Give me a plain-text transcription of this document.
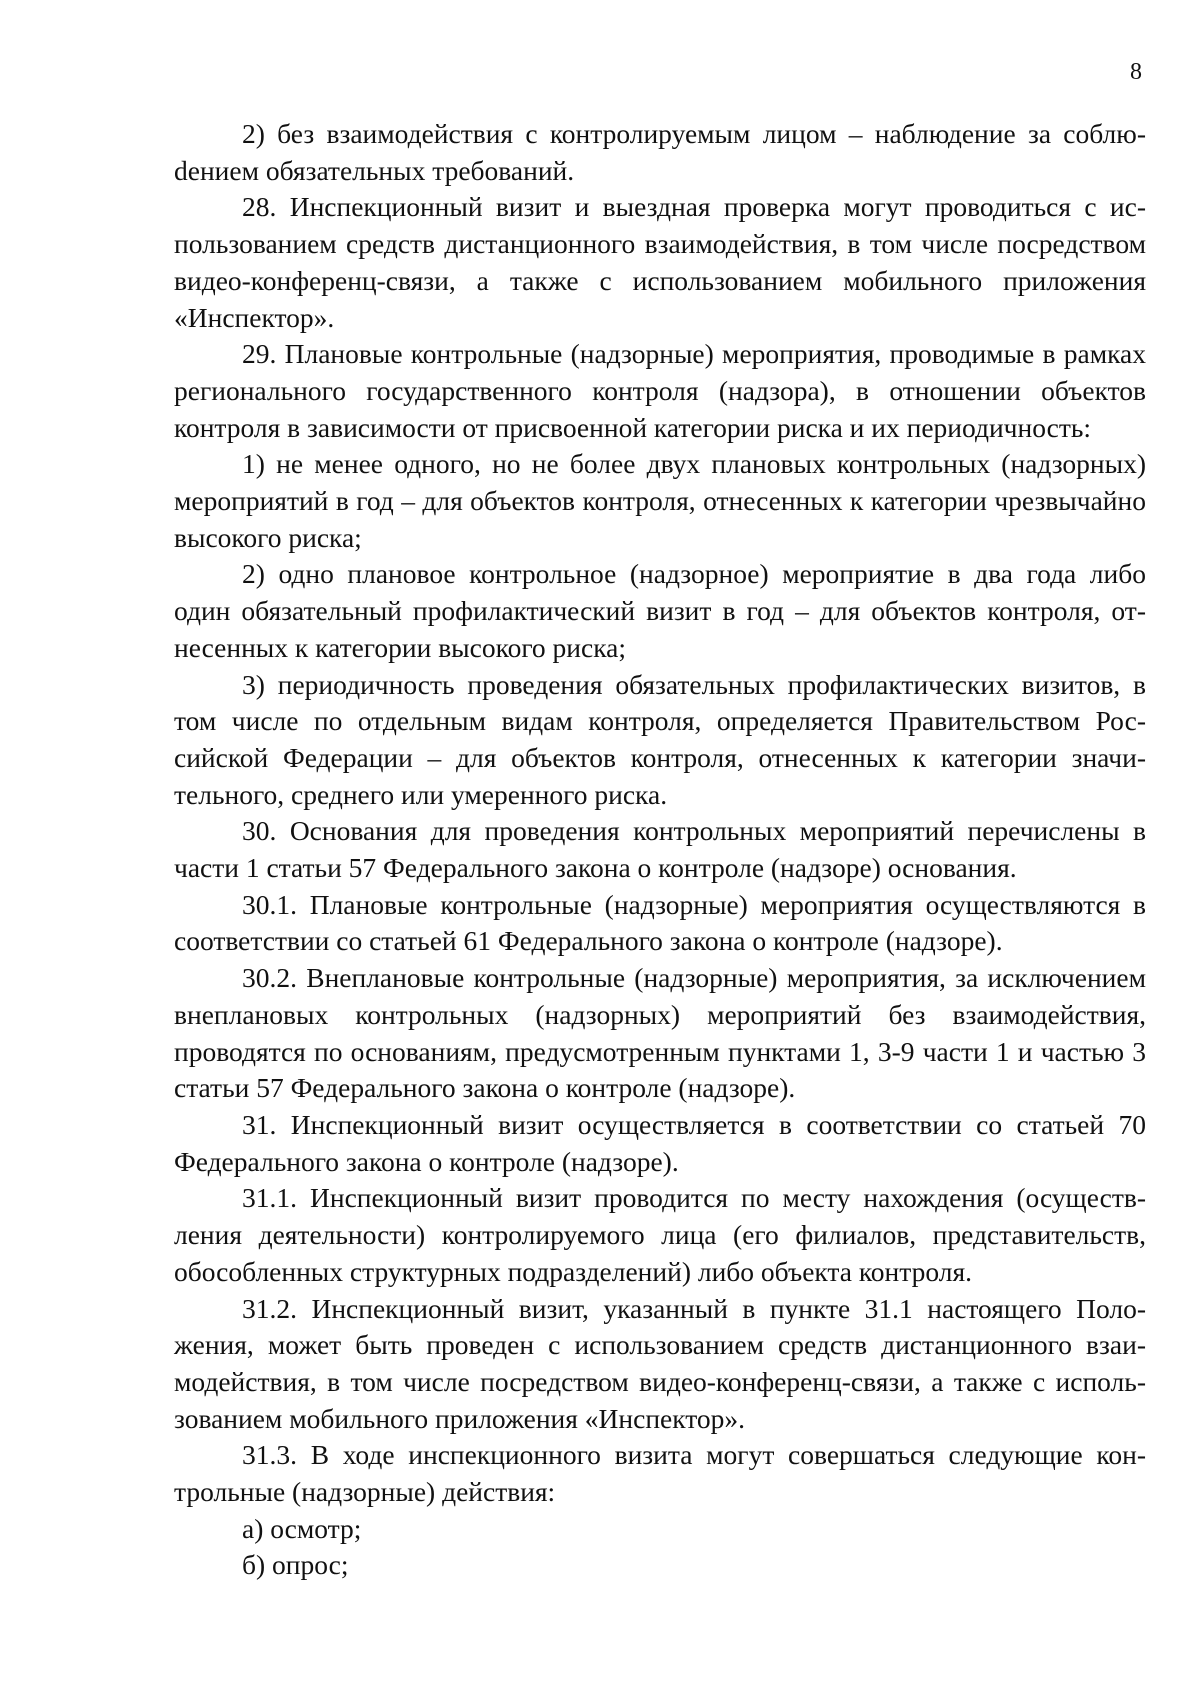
8

2) без взаимодействия с контролируемым лицом – наблюдение за соблюdением обязательных требований.

28. Инспекционный визит и выездная проверка могут проводиться с использованием средств дистанционного взаимодействия, в том числе посредством видео-конференц-связи, а также с использованием мобильного приложения «Инспектор».

29. Плановые контрольные (надзорные) мероприятия, проводимые в рамках регионального государственного контроля (надзора), в отношении объектов контроля в зависимости от присвоенной категории риска и их периодичность:

1) не менее одного, но не более двух плановых контрольных (надзорных) мероприятий в год – для объектов контроля, отнесенных к категории чрезвычайно высокого риска;

2) одно плановое контрольное (надзорное) мероприятие в два года либо один обязательный профилактический визит в год – для объектов контроля, отнесенных к категории высокого риска;

3) периодичность проведения обязательных профилактических визитов, в том числе по отдельным видам контроля, определяется Правительством Российской Федерации – для объектов контроля, отнесенных к категории значительного, среднего или умеренного риска.

30. Основания для проведения контрольных мероприятий перечислены в части 1 статьи 57 Федерального закона о контроле (надзоре) основания.

30.1. Плановые контрольные (надзорные) мероприятия осуществляются в соответствии со статьей 61 Федерального закона о контроле (надзоре).

30.2. Внеплановые контрольные (надзорные) мероприятия, за исключением внеплановых контрольных (надзорных) мероприятий без взаимодействия, проводятся по основаниям, предусмотренным пунктами 1, 3-9 части 1 и частью 3 статьи 57 Федерального закона о контроле (надзоре).

31. Инспекционный визит осуществляется в соответствии со статьей 70 Федерального закона о контроле (надзоре).

31.1. Инспекционный визит проводится по месту нахождения (осуществления деятельности) контролируемого лица (его филиалов, представительств, обособленных структурных подразделений) либо объекта контроля.

31.2. Инспекционный визит, указанный в пункте 31.1 настоящего Положения, может быть проведен с использованием средств дистанционного взаимодействия, в том числе посредством видео-конференц-связи, а также с использованием мобильного приложения «Инспектор».

31.3. В ходе инспекционного визита могут совершаться следующие контрольные (надзорные) действия:

а) осмотр;

б) опрос;
